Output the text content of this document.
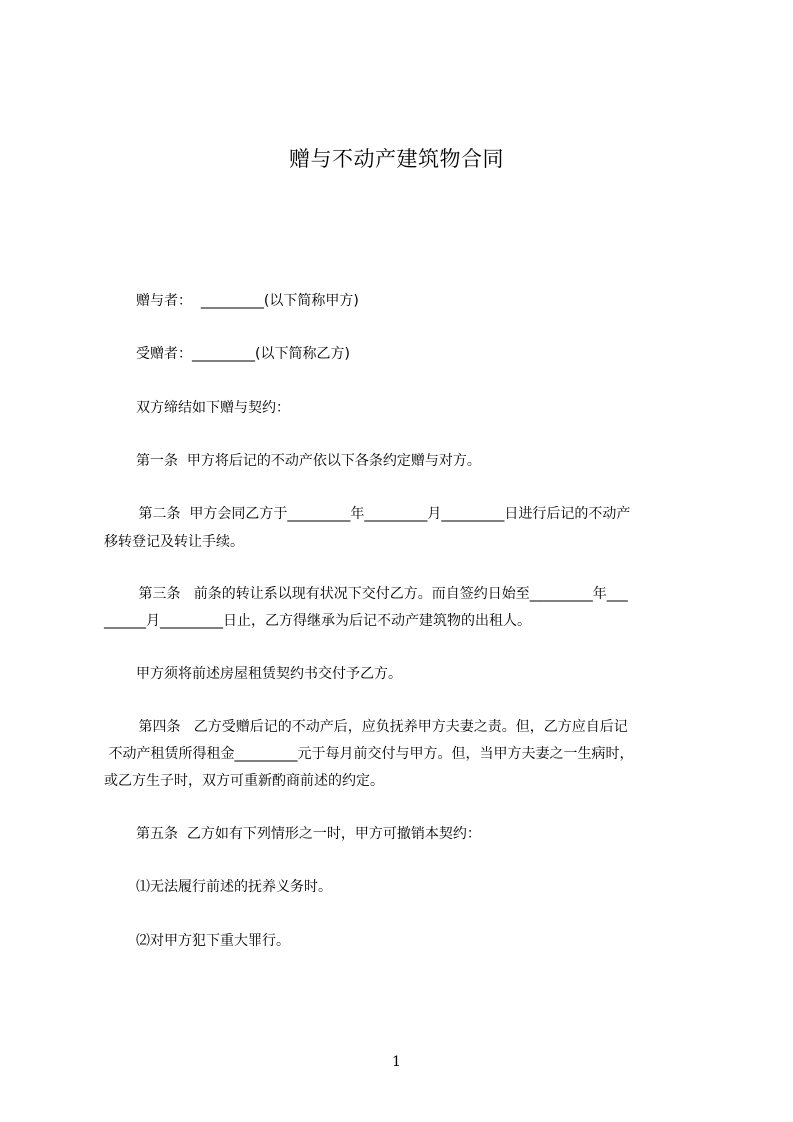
赠与不动产建筑物合同
赠与者：  _________(以下简称甲方)
受赠者：_________(以下简称乙方)
双方缔结如下赠与契约：
第一条  甲方将后记的不动产依以下各条约定赠与对方。
第二条  甲方会同乙方于_________年_________月_________日进行后记的不动产
移转登记及转让手续。
第三条   前条的转让系以现有状况下交付乙方。而自签约日始至_________年___
______月_________日止，乙方得继承为后记不动产建筑物的出租人。
甲方须将前述房屋租赁契约书交付予乙方。
第四条   乙方受赠后记的不动产后，应负抚养甲方夫妻之责。但，乙方应自后记
不动产租赁所得租金_________元于每月前交付与甲方。但，当甲方夫妻之一生病时，
或乙方生子时，双方可重新酌商前述的约定。
第五条  乙方如有下列情形之一时，甲方可撤销本契约：
⑴无法履行前述的抚养义务时。
⑵对甲方犯下重大罪行。
1
